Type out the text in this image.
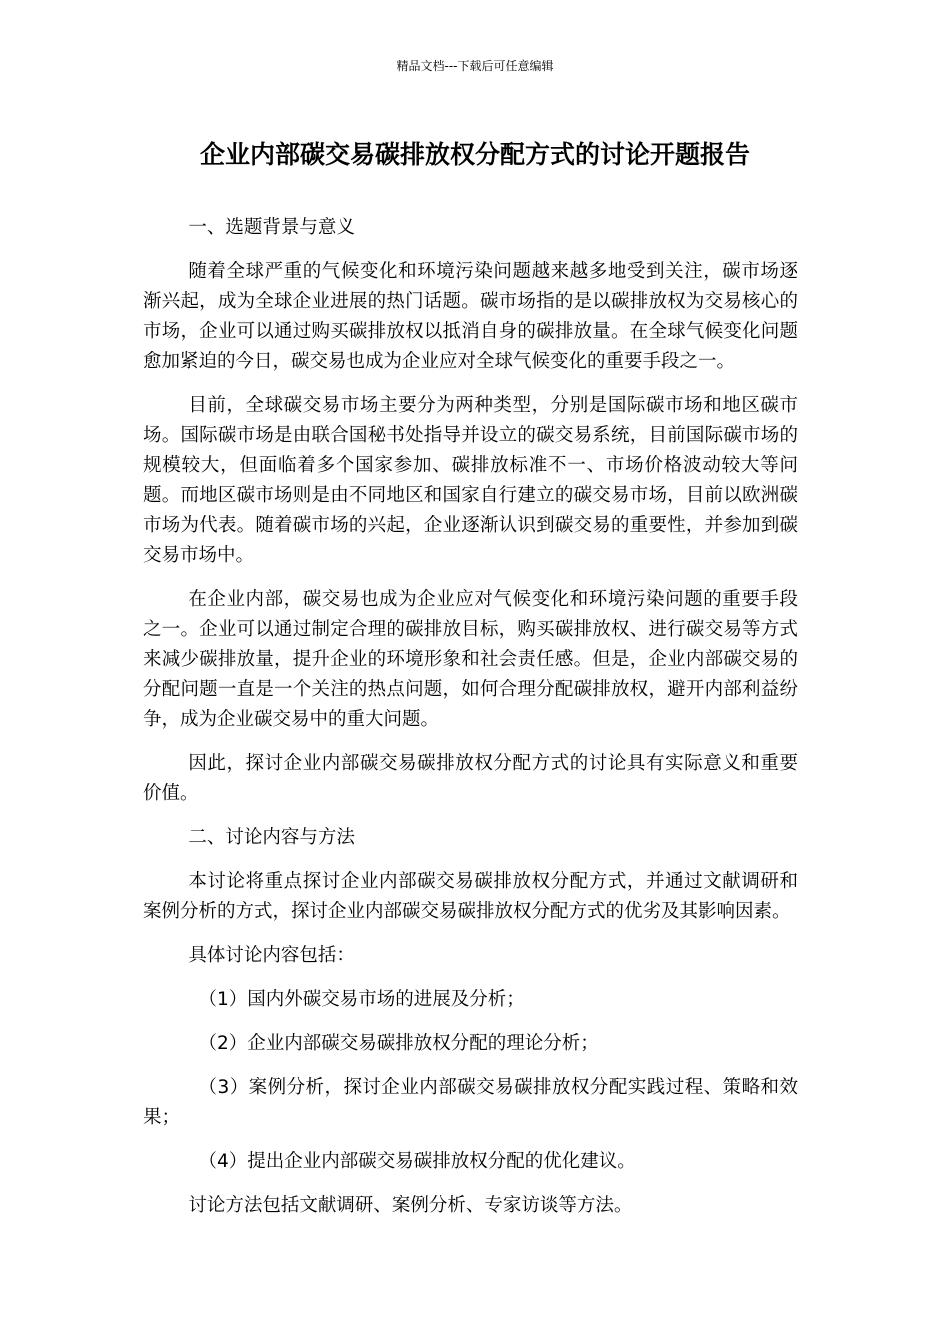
精品文档---下载后可任意编辑
企业内部碳交易碳排放权分配方式的讨论开题报告

一、选题背景与意义

随着全球严重的气候变化和环境污染问题越来越多地受到关注，碳市场逐渐兴起，成为全球企业进展的热门话题。碳市场指的是以碳排放权为交易核心的市场，企业可以通过购买碳排放权以抵消自身的碳排放量。在全球气候变化问题愈加紧迫的今日，碳交易也成为企业应对全球气候变化的重要手段之一。

目前，全球碳交易市场主要分为两种类型，分别是国际碳市场和地区碳市场。国际碳市场是由联合国秘书处指导并设立的碳交易系统，目前国际碳市场的规模较大，但面临着多个国家参加、碳排放标准不一、市场价格波动较大等问题。而地区碳市场则是由不同地区和国家自行建立的碳交易市场，目前以欧洲碳市场为代表。随着碳市场的兴起，企业逐渐认识到碳交易的重要性，并参加到碳交易市场中。

在企业内部，碳交易也成为企业应对气候变化和环境污染问题的重要手段之一。企业可以通过制定合理的碳排放目标，购买碳排放权、进行碳交易等方式来减少碳排放量，提升企业的环境形象和社会责任感。但是，企业内部碳交易的分配问题一直是一个关注的热点问题，如何合理分配碳排放权，避开内部利益纷争，成为企业碳交易中的重大问题。

因此，探讨企业内部碳交易碳排放权分配方式的讨论具有实际意义和重要价值。

二、讨论内容与方法

本讨论将重点探讨企业内部碳交易碳排放权分配方式，并通过文献调研和案例分析的方式，探讨企业内部碳交易碳排放权分配方式的优劣及其影响因素。

具体讨论内容包括：

（1）国内外碳交易市场的进展及分析；

（2）企业内部碳交易碳排放权分配的理论分析；

（3）案例分析，探讨企业内部碳交易碳排放权分配实践过程、策略和效果；

（4）提出企业内部碳交易碳排放权分配的优化建议。

讨论方法包括文献调研、案例分析、专家访谈等方法。
